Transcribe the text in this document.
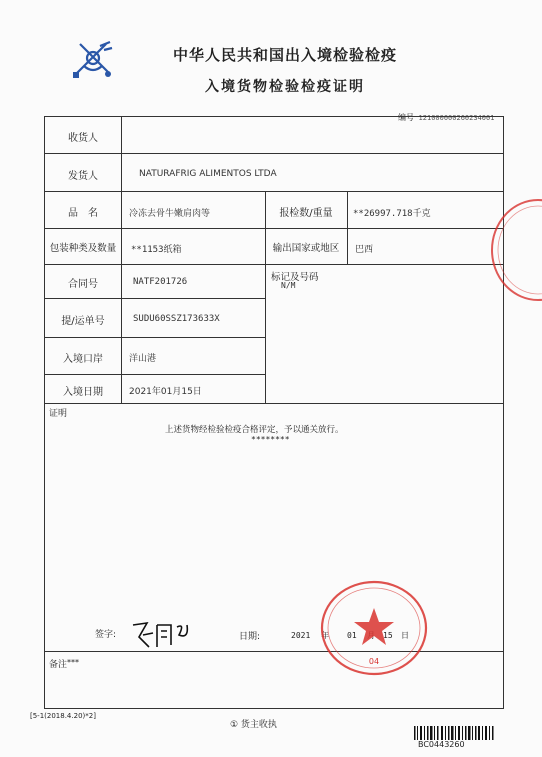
中华人民共和国出入境检验检疫
入境货物检验检疫证明
编号 121000000260234001
收货人
发货人	NATURAFRIG ALIMENTOS LTDA
品　名	冷冻去骨牛嫩肩肉等	报检数/重量	**26997.718千克
包装种类及数量	**1153纸箱	输出国家或地区	巴西
合同号	NATF201726	标记及号码
N/M
提/运单号	SUDU60SSZ173633X
入境口岸	洋山港
入境日期	2021年01月15日
证明
上述货物经检验检疫合格评定，予以通关放行。
********
签字:	日期:	2021 年 01	15 日
备注 ***	04
[5-1(2018.4.20)*2]
① 货主收执
BC0443260
